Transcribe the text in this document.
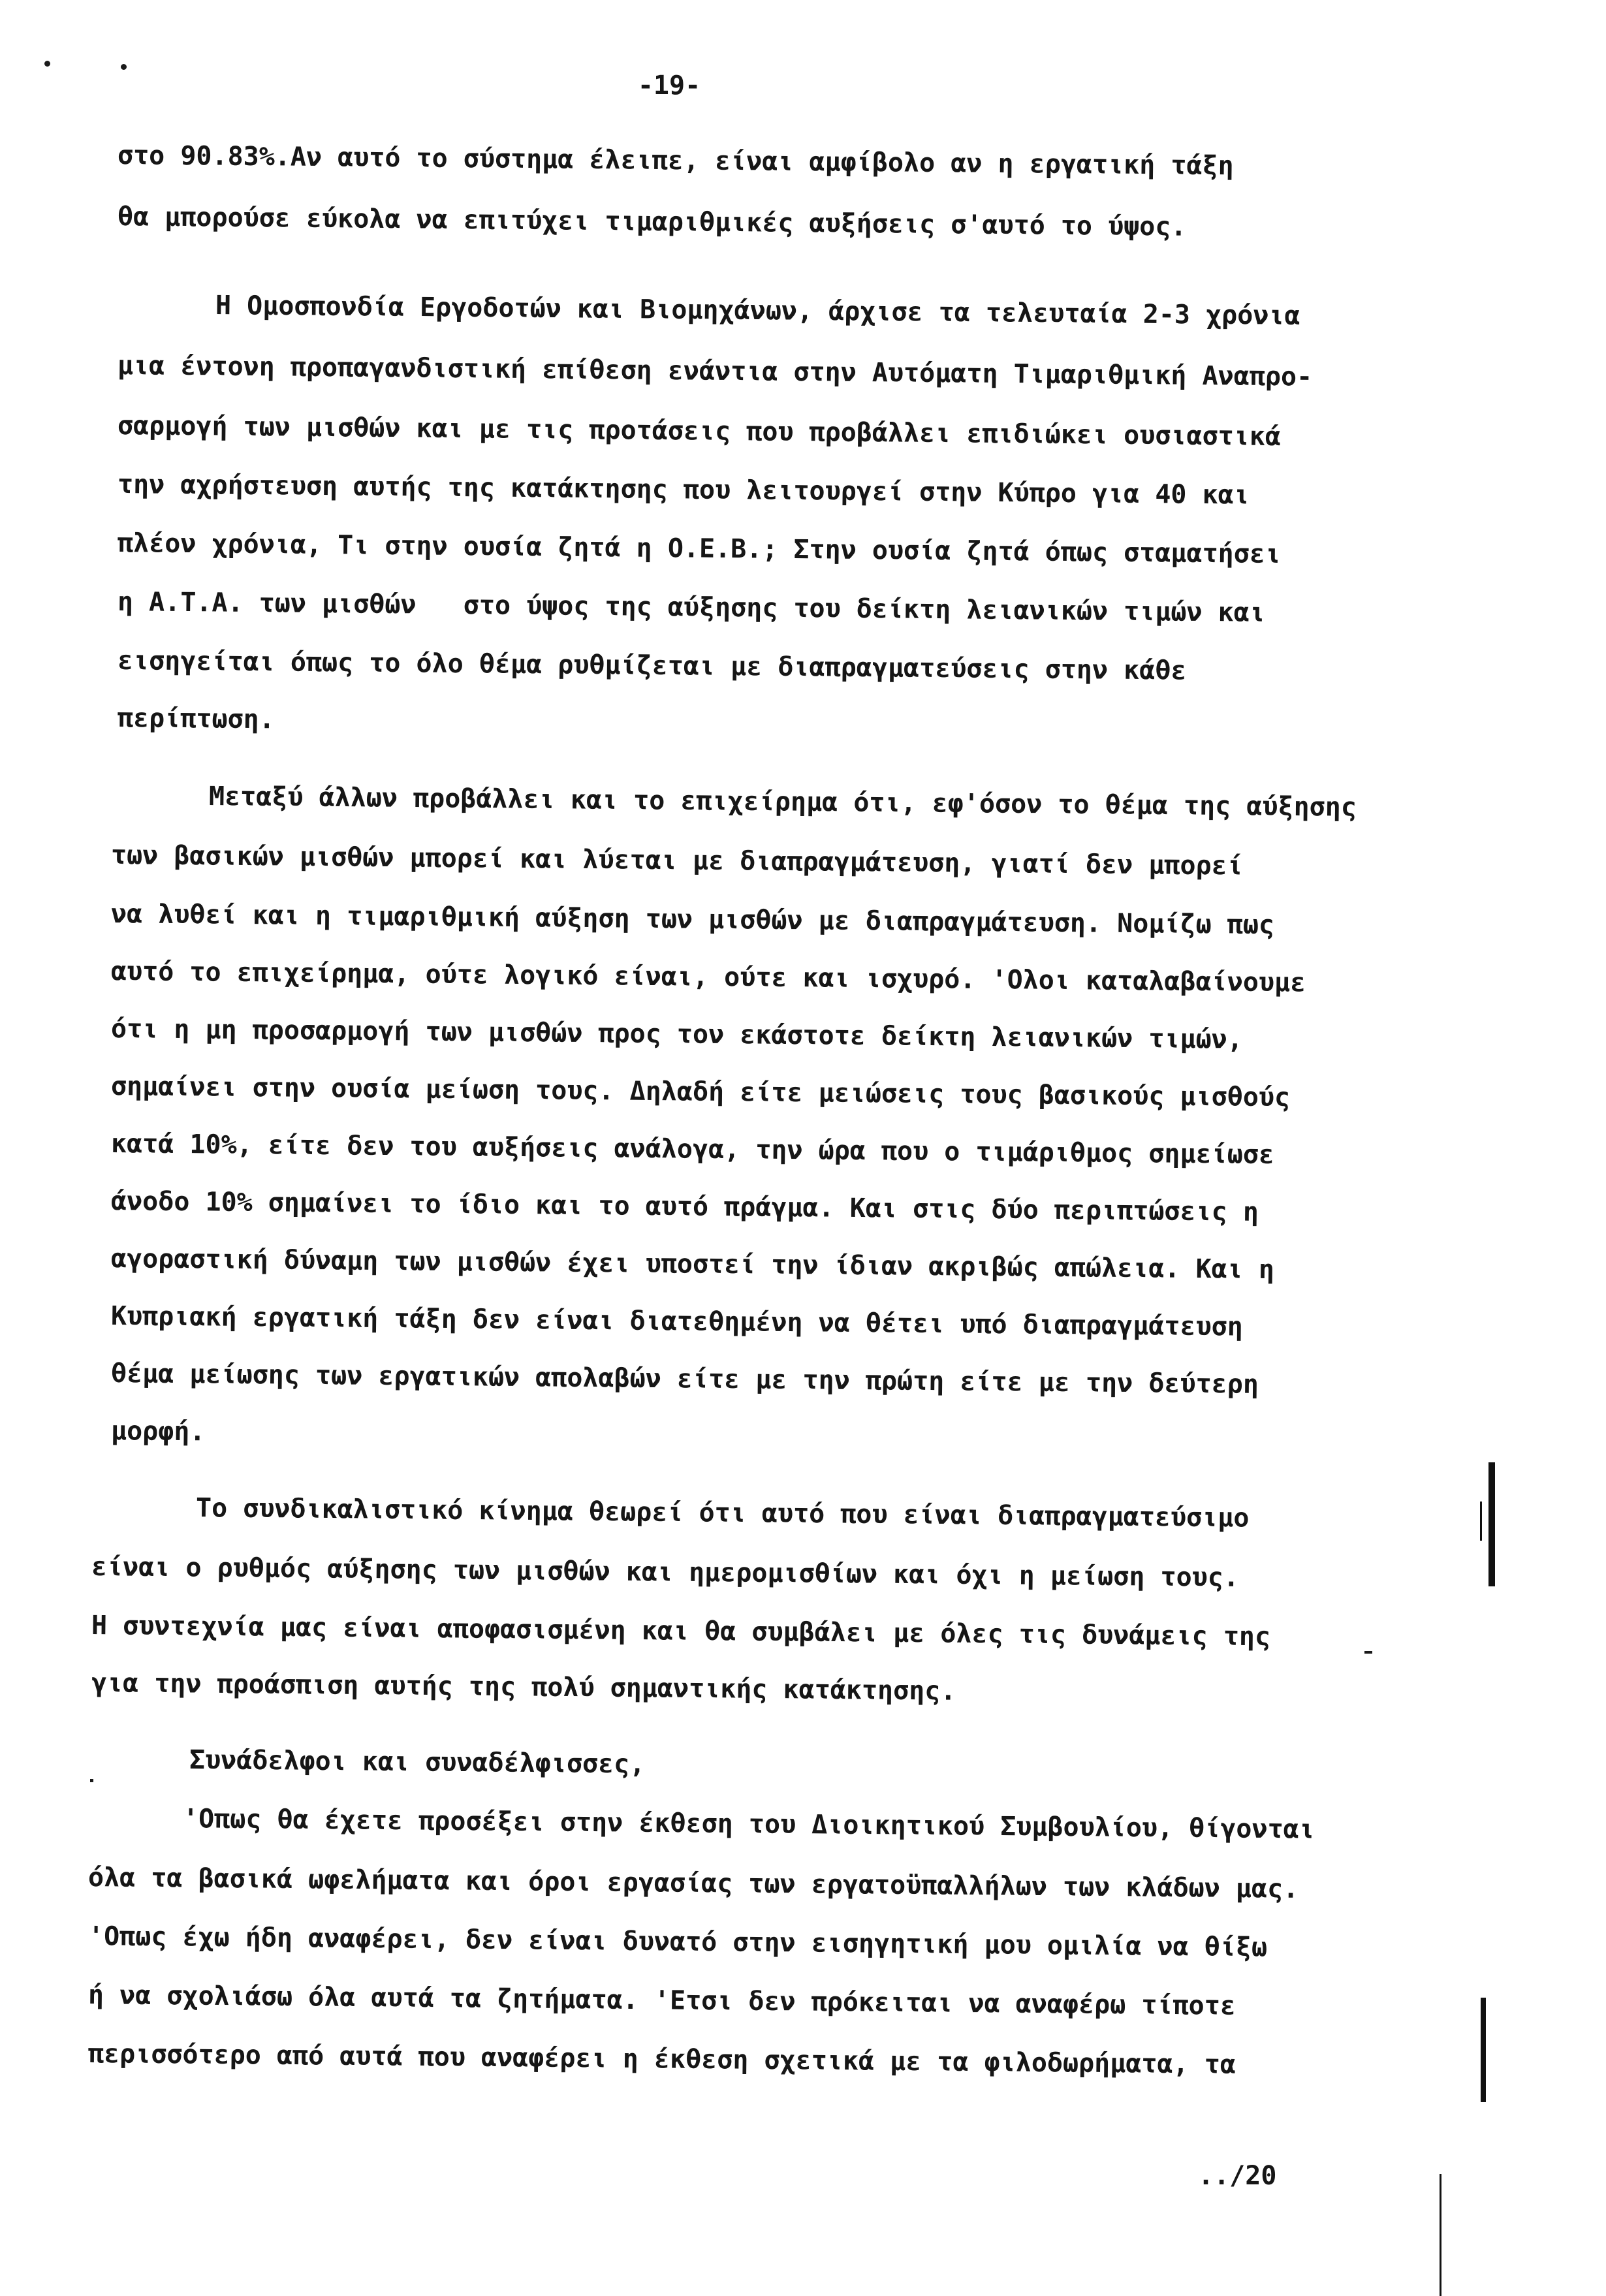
-19-
στο 90.83%.Αν αυτό το σύστημα έλειπε, είναι αμφίβολο αν η εργατική τάξη
θα μπορούσε εύκολα να επιτύχει τιμαριθμικές αυξήσεις σ'αυτό το ύψος.
Η Ομοσπονδία Εργοδοτών και Βιομηχάνων, άρχισε τα τελευταία 2-3 χρόνια
μια έντονη προπαγανδιστική επίθεση ενάντια στην Αυτόματη Τιμαριθμική Αναπρο-
σαρμογή των μισθών και με τις προτάσεις που προβάλλει επιδιώκει ουσιαστικά
την αχρήστευση αυτής της κατάκτησης που λειτουργεί στην Κύπρο για 40 και
πλέον χρόνια, Τι στην ουσία ζητά η Ο.Ε.Β.; Στην ουσία ζητά όπως σταματήσει
η Α.Τ.Α. των μισθών   στο ύψος της αύξησης του δείκτη λειανικών τιμών και
εισηγείται όπως το όλο θέμα ρυθμίζεται με διαπραγματεύσεις στην κάθε
περίπτωση.
Μεταξύ άλλων προβάλλει και το επιχείρημα ότι, εφ'όσον το θέμα της αύξησης
των βασικών μισθών μπορεί και λύεται με διαπραγμάτευση, γιατί δεν μπορεί
να λυθεί και η τιμαριθμική αύξηση των μισθών με διαπραγμάτευση. Νομίζω πως
αυτό το επιχείρημα, ούτε λογικό είναι, ούτε και ισχυρό. 'Ολοι καταλαβαίνουμε
ότι η μη προσαρμογή των μισθών προς τον εκάστοτε δείκτη λειανικών τιμών,
σημαίνει στην ουσία μείωση τους. Δηλαδή είτε μειώσεις τους βασικούς μισθούς
κατά 10%, είτε δεν του αυξήσεις ανάλογα, την ώρα που ο τιμάριθμος σημείωσε
άνοδο 10% σημαίνει το ίδιο και το αυτό πράγμα. Και στις δύο περιπτώσεις η
αγοραστική δύναμη των μισθών έχει υποστεί την ίδιαν ακριβώς απώλεια. Και η
Κυπριακή εργατική τάξη δεν είναι διατεθημένη να θέτει υπό διαπραγμάτευση
θέμα μείωσης των εργατικών απολαβών είτε με την πρώτη είτε με την δεύτερη
μορφή.
Το συνδικαλιστικό κίνημα θεωρεί ότι αυτό που είναι διαπραγματεύσιμο
είναι ο ρυθμός αύξησης των μισθών και ημερομισθίων και όχι η μείωση τους.
Η συντεχνία μας είναι αποφασισμένη και θα συμβάλει με όλες τις δυνάμεις της
για την προάσπιση αυτής της πολύ σημαντικής κατάκτησης.
Συνάδελφοι και συναδέλφισσες,
'Οπως θα έχετε προσέξει στην έκθεση του Διοικητικού Συμβουλίου, θίγονται
όλα τα βασικά ωφελήματα και όροι εργασίας των εργατοϋπαλλήλων των κλάδων μας.
'Οπως έχω ήδη αναφέρει, δεν είναι δυνατό στην εισηγητική μου ομιλία να θίξω
ή να σχολιάσω όλα αυτά τα ζητήματα. 'Ετσι δεν πρόκειται να αναφέρω τίποτε
περισσότερο από αυτά που αναφέρει η έκθεση σχετικά με τα φιλοδωρήματα, τα
../20
